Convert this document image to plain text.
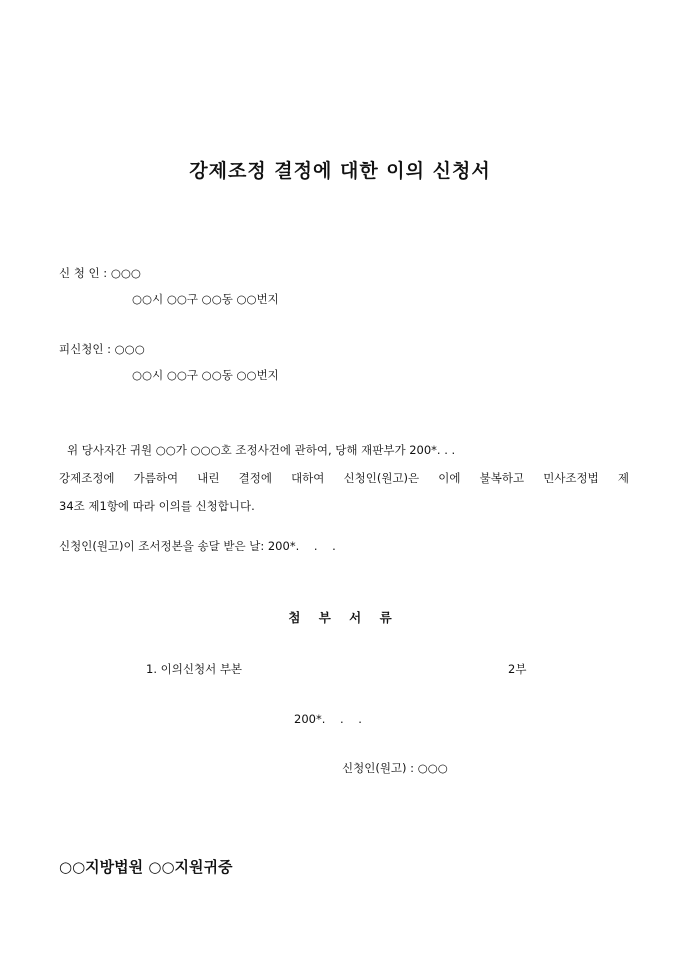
강제조정 결정에 대한 이의 신청서
신 청 인 : ○○○
○○시 ○○구 ○○동 ○○번지
피신청인 : ○○○
○○시 ○○구 ○○동 ○○번지
위 당사자간 귀원 ○○가 ○○○호 조정사건에 관하여, 당해 재판부가 200*. . .
강제조정에 가름하여 내린 결정에 대하여 신청인(원고)은 이에 불복하고 민사조정법 제
34조 제1항에 따라 이의를 신청합니다.
신청인(원고)이 조서정본을 송달 받은 날: 200*.    .    .
첨 부 서 류
1. 이의신청서 부본	2부
200*.    .    .
신청인(원고) : ○○○
○○지방법원 ○○지원귀중
